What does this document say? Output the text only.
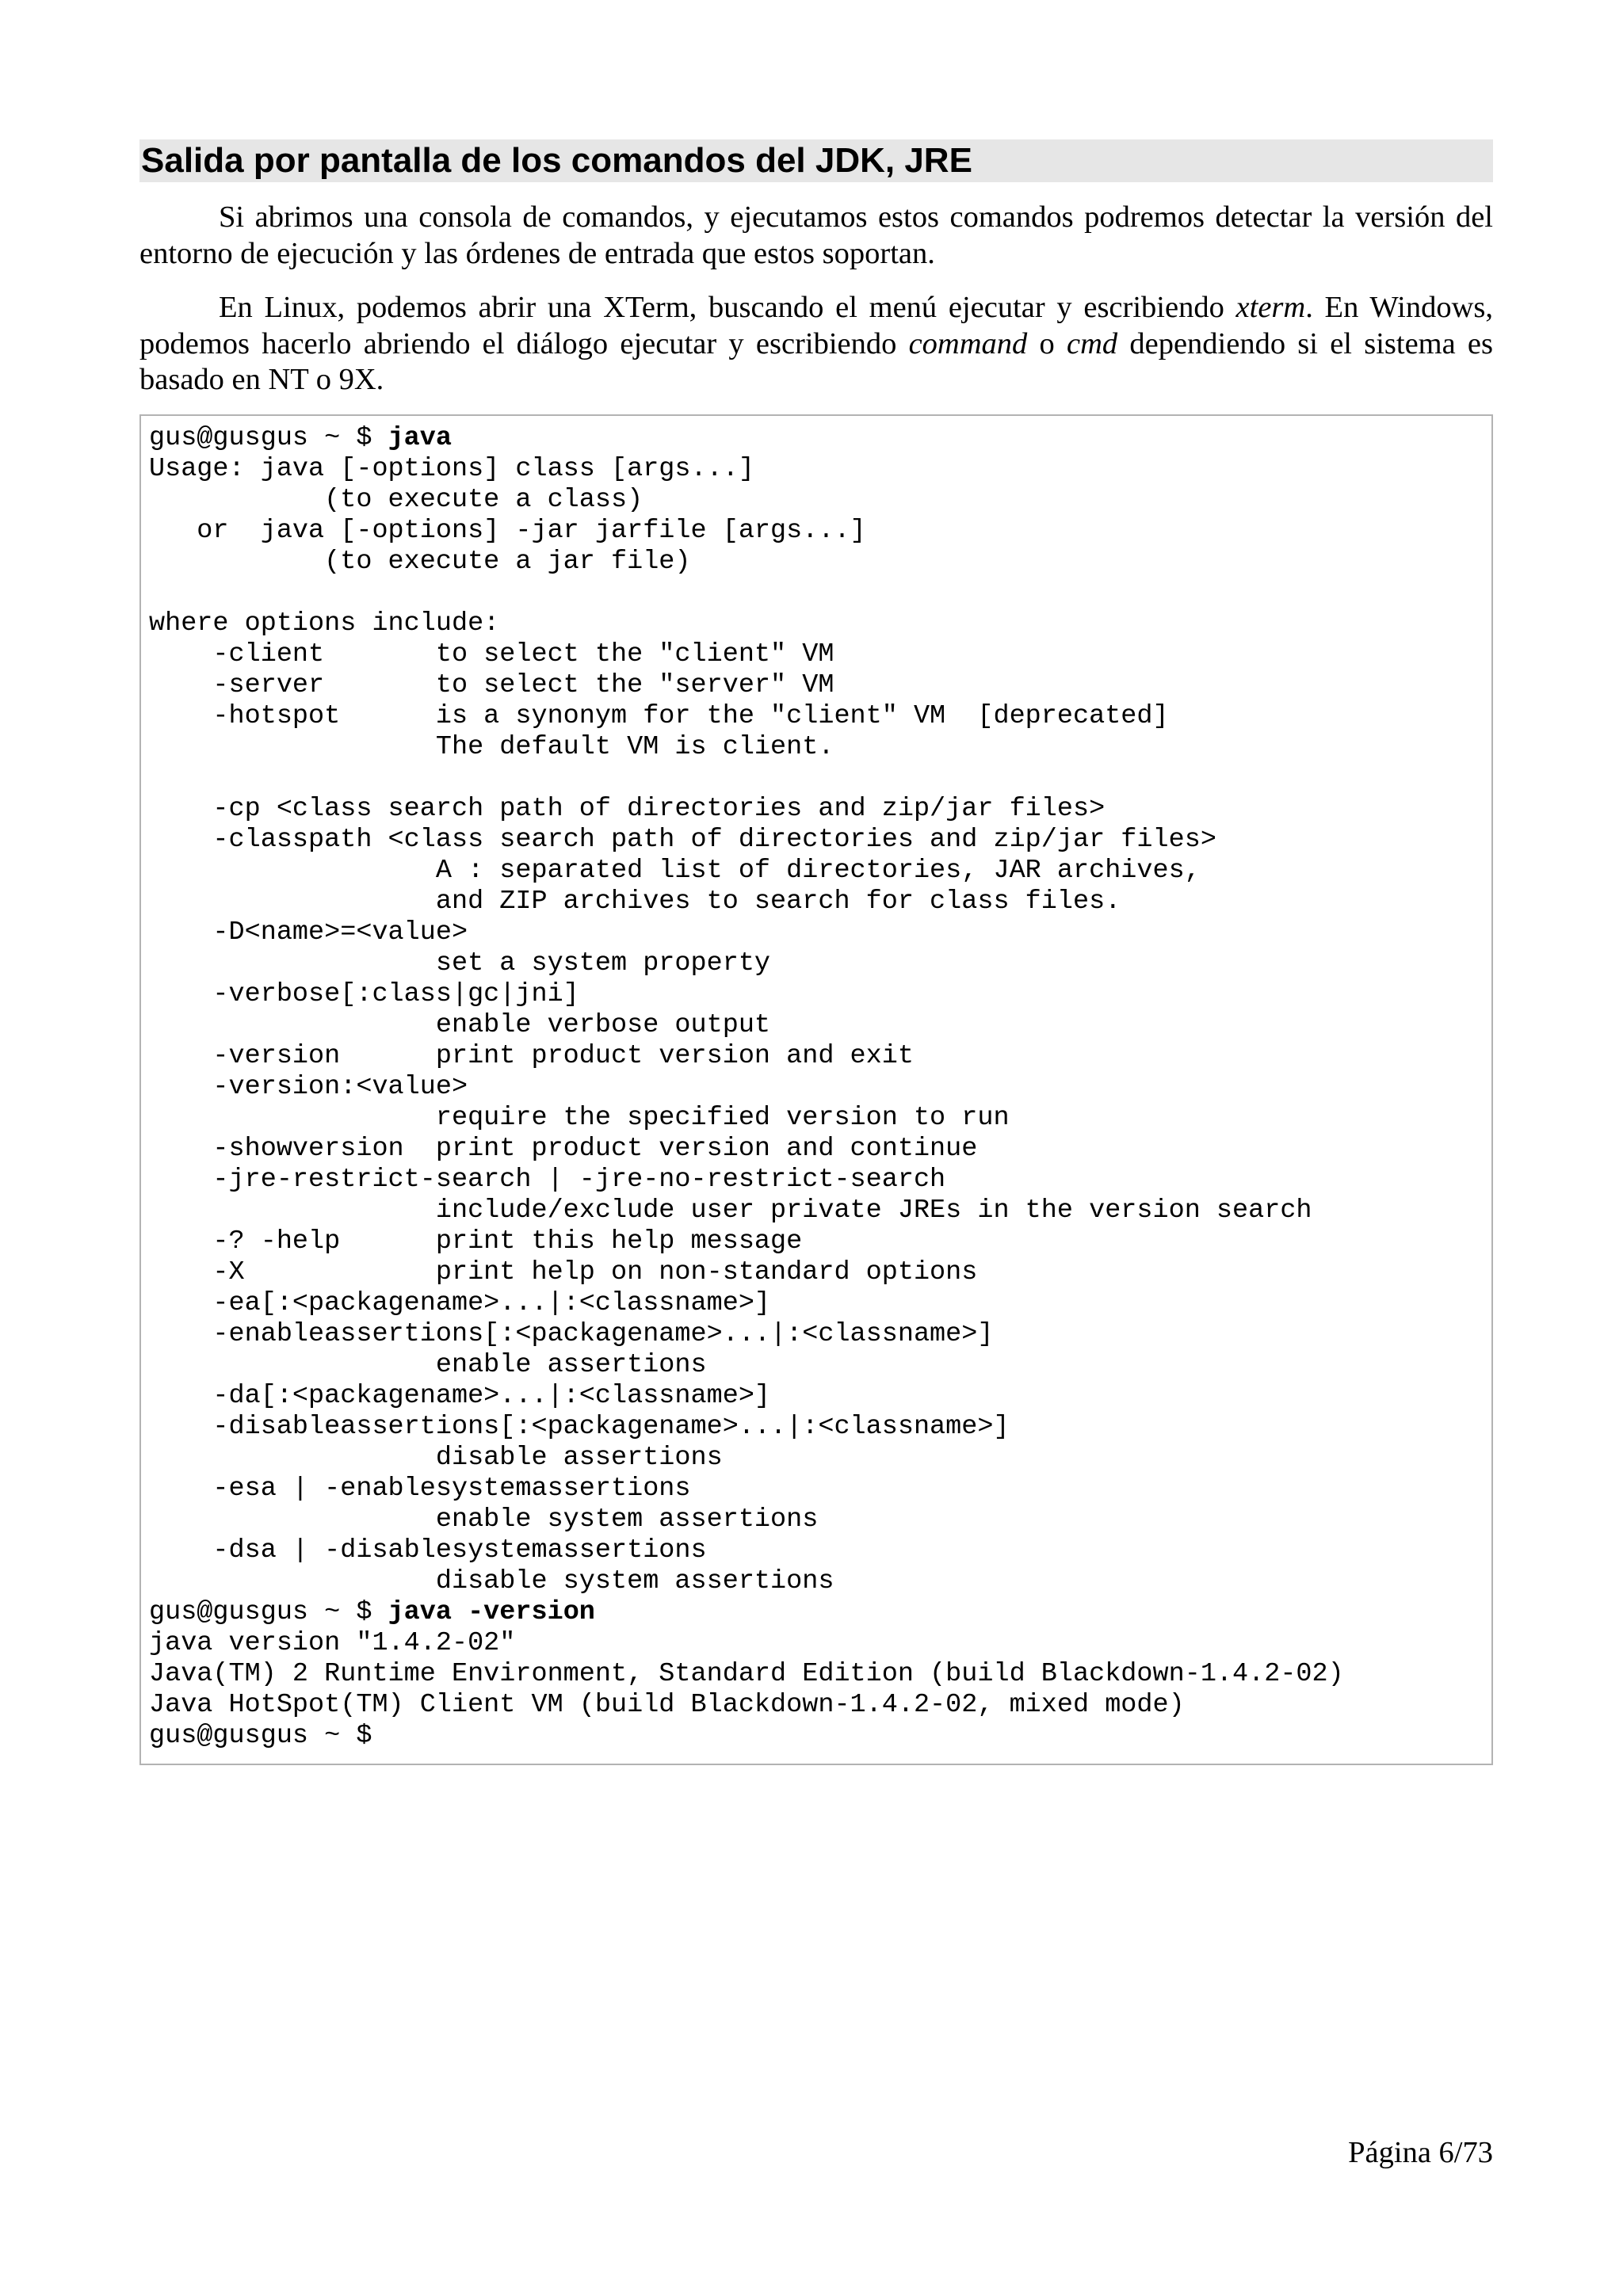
Salida por pantalla de los comandos del JDK, JRE

Si abrimos una consola de comandos, y ejecutamos estos comandos podremos detectar la versión del entorno de ejecución y las órdenes de entrada que estos soportan.

En Linux, podemos abrir una XTerm, buscando el menú ejecutar y escribiendo xterm. En Windows, podemos hacerlo abriendo el diálogo ejecutar y escribiendo command o cmd dependiendo si el sistema es basado en NT o 9X.

gus@gusgus ~ $ java
Usage: java [-options] class [args...]
(to execute a class)
or  java [-options] -jar jarfile [args...]
(to execute a jar file)
where options include:
-client       to select the "client" VM
-server       to select the "server" VM
-hotspot      is a synonym for the "client" VM  [deprecated]
The default VM is client.
-cp <class search path of directories and zip/jar files>
-classpath <class search path of directories and zip/jar files>
A : separated list of directories, JAR archives,
and ZIP archives to search for class files.
-D<name>=<value>
set a system property
-verbose[:class|gc|jni]
enable verbose output
-version      print product version and exit
-version:<value>
require the specified version to run
-showversion  print product version and continue
-jre-restrict-search | -jre-no-restrict-search
include/exclude user private JREs in the version search
-? -help      print this help message
-X            print help on non-standard options
-ea[:<packagename>...|:<classname>]
-enableassertions[:<packagename>...|:<classname>]
enable assertions
-da[:<packagename>...|:<classname>]
-disableassertions[:<packagename>...|:<classname>]
disable assertions
-esa | -enablesystemassertions
enable system assertions
-dsa | -disablesystemassertions
disable system assertions
gus@gusgus ~ $ java -version
java version "1.4.2-02"
Java(TM) 2 Runtime Environment, Standard Edition (build Blackdown-1.4.2-02)
Java HotSpot(TM) Client VM (build Blackdown-1.4.2-02, mixed mode)
gus@gusgus ~ $
Página 6/73
